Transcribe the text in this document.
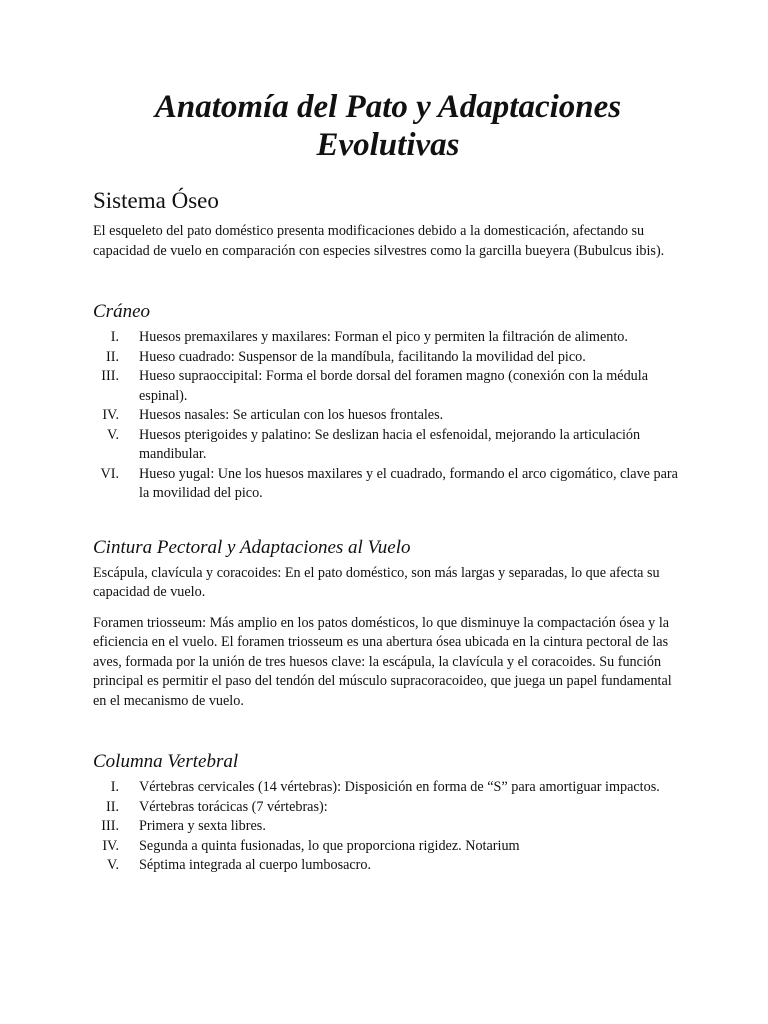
Anatomía del Pato y Adaptaciones Evolutivas
Sistema Óseo

El esqueleto del pato doméstico presenta modificaciones debido a la domesticación, afectando su capacidad de vuelo en comparación con especies silvestres como la garcilla bueyera (Bubulcus ibis).

Cráneo
I. Huesos premaxilares y maxilares: Forman el pico y permiten la filtración de alimento.
II. Hueso cuadrado: Suspensor de la mandíbula, facilitando la movilidad del pico.
III. Hueso supraoccipital: Forma el borde dorsal del foramen magno (conexión con la médula espinal).
IV. Huesos nasales: Se articulan con los huesos frontales.
V. Huesos pterigoides y palatino: Se deslizan hacia el esfenoidal, mejorando la articulación mandibular.
VI. Hueso yugal: Une los huesos maxilares y el cuadrado, formando el arco cigomático, clave para la movilidad del pico.
Cintura Pectoral y Adaptaciones al Vuelo

Escápula, clavícula y coracoides: En el pato doméstico, son más largas y separadas, lo que afecta su capacidad de vuelo.

Foramen triosseum: Más amplio en los patos domésticos, lo que disminuye la compactación ósea y la eficiencia en el vuelo. El foramen triosseum es una abertura ósea ubicada en la cintura pectoral de las aves, formada por la unión de tres huesos clave: la escápula, la clavícula y el coracoides. Su función principal es permitir el paso del tendón del músculo supracoracoideo, que juega un papel fundamental en el mecanismo de vuelo.

Columna Vertebral
I. Vértebras cervicales (14 vértebras): Disposición en forma de “S” para amortiguar impactos.
II. Vértebras torácicas (7 vértebras):
III. Primera y sexta libres.
IV. Segunda a quinta fusionadas, lo que proporciona rigidez. Notarium
V. Séptima integrada al cuerpo lumbosacro.
